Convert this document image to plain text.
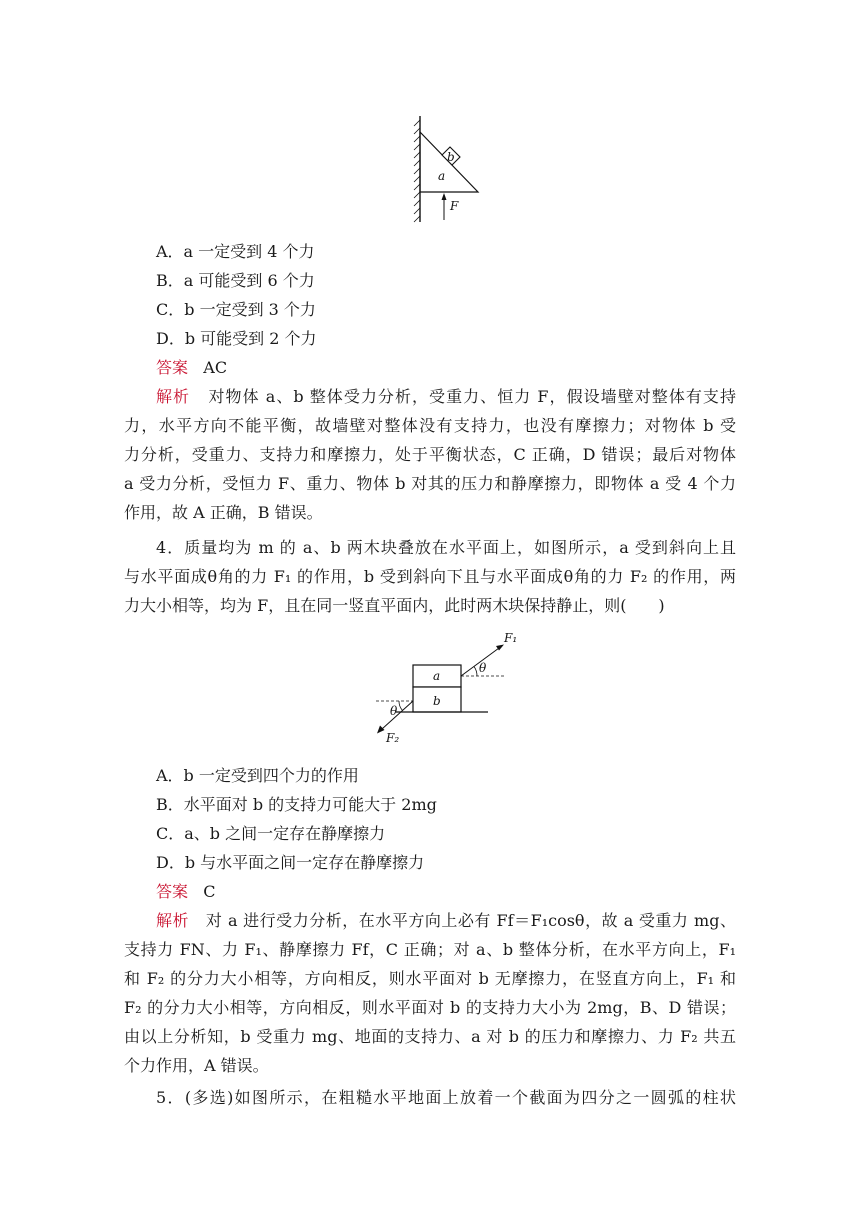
b
a
F
A．a 一定受到 4 个力
B．a 可能受到 6 个力
C．b 一定受到 3 个力
D．b 可能受到 2 个力
答案 AC
解析 对物体 a、b 整体受力分析，受重力、恒力 F，假设墙壁对整体有支持
力，水平方向不能平衡，故墙壁对整体没有支持力，也没有摩擦力；对物体 b 受
力分析，受重力、支持力和摩擦力，处于平衡状态，C 正确，D 错误；最后对物体
a 受力分析，受恒力 F、重力、物体 b 对其的压力和静摩擦力，即物体 a 受 4 个力
作用，故 A 正确，B 错误。
4．质量均为 m 的 a、b 两木块叠放在水平面上，如图所示，a 受到斜向上且
与水平面成θ角的力 F₁ 的作用，b 受到斜向下且与水平面成θ角的力 F₂ 的作用，两
力大小相等，均为 F，且在同一竖直平面内，此时两木块保持静止，则(　　)
a
b
θ
F₁
θ
F₂
A．b 一定受到四个力的作用
B．水平面对 b 的支持力可能大于 2mg
C．a、b 之间一定存在静摩擦力
D．b 与水平面之间一定存在静摩擦力
答案 C
解析 对 a 进行受力分析，在水平方向上必有 Ff＝F₁cosθ，故 a 受重力 mg、
支持力 FN、力 F₁、静摩擦力 Ff，C 正确；对 a、b 整体分析，在水平方向上，F₁
和 F₂ 的分力大小相等，方向相反，则水平面对 b 无摩擦力，在竖直方向上，F₁ 和
F₂ 的分力大小相等，方向相反，则水平面对 b 的支持力大小为 2mg，B、D 错误；
由以上分析知，b 受重力 mg、地面的支持力、a 对 b 的压力和摩擦力、力 F₂ 共五
个力作用，A 错误。
5．(多选)如图所示，在粗糙水平地面上放着一个截面为四分之一圆弧的柱状
